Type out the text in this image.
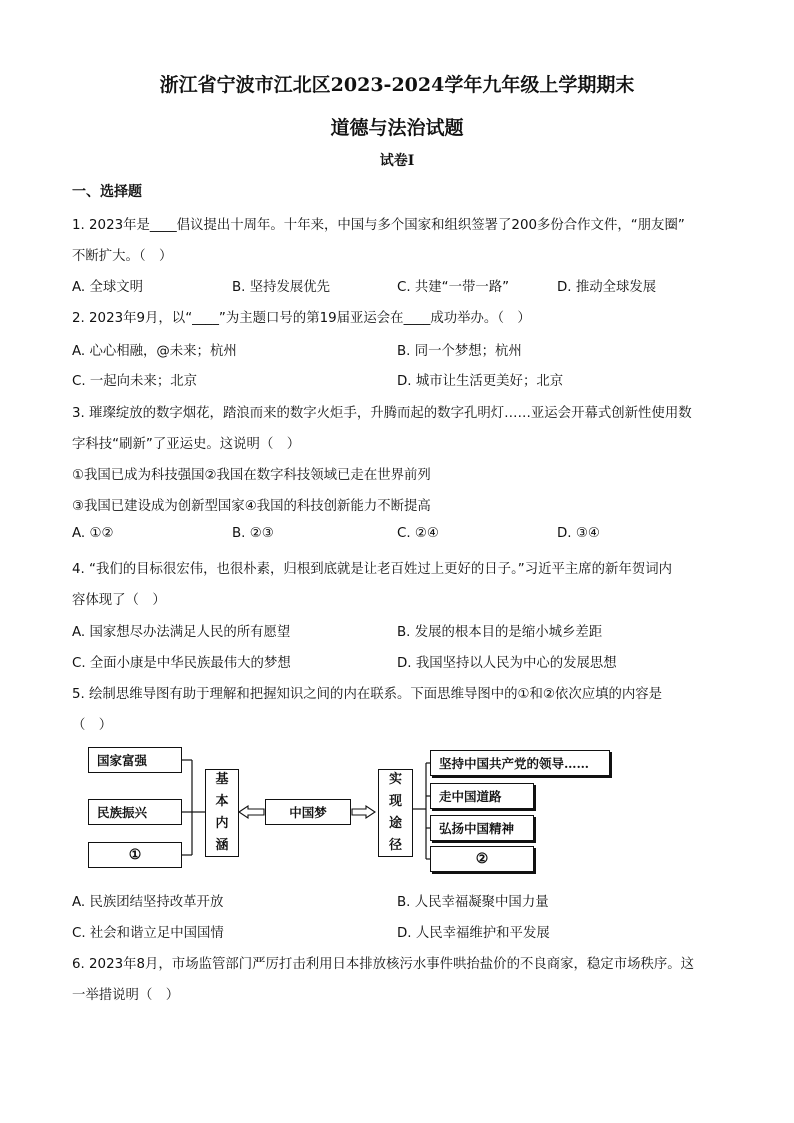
浙江省宁波市江北区2023-2024学年九年级上学期期末
道德与法治试题
试卷Ⅰ
一、选择题
1. 2023年是____倡议提出十周年。十年来，中国与多个国家和组织签署了200多份合作文件，“朋友圈”
不断扩大。（　）
A. 全球文明	B. 坚持发展优先	C. 共建“一带一路”	D. 推动全球发展
2. 2023年9月，以“____”为主题口号的第19届亚运会在____成功举办。（　）
A. 心心相融，@未来；杭州	B. 同一个梦想；杭州
C. 一起向未来；北京	D. 城市让生活更美好；北京
3. 璀璨绽放的数字烟花，踏浪而来的数字火炬手，升腾而起的数字孔明灯……亚运会开幕式创新性使用数
字科技“刷新”了亚运史。这说明（　）
①我国已成为科技强国②我国在数字科技领域已走在世界前列
③我国已建设成为创新型国家④我国的科技创新能力不断提高
A. ①②	B. ②③	C. ②④	D. ③④
4. “我们的目标很宏伟，也很朴素，归根到底就是让老百姓过上更好的日子。”习近平主席的新年贺词内
容体现了（　）
A. 国家想尽办法满足人民的所有愿望	B. 发展的根本目的是缩小城乡差距
C. 全面小康是中华民族最伟大的梦想	D. 我国坚持以人民为中心的发展思想
5. 绘制思维导图有助于理解和把握知识之间的内在联系。下面思维导图中的①和②依次应填的内容是
（　）
国家富强
民族振兴
①
基
本
内
涵
中国梦
实
现
途
径
坚持中国共产党的领导……
走中国道路
弘扬中国精神
②
A. 民族团结坚持改革开放	B. 人民幸福凝聚中国力量
C. 社会和谐立足中国国情	D. 人民幸福维护和平发展
6. 2023年8月，市场监管部门严厉打击利用日本排放核污水事件哄抬盐价的不良商家，稳定市场秩序。这
一举措说明（　）
